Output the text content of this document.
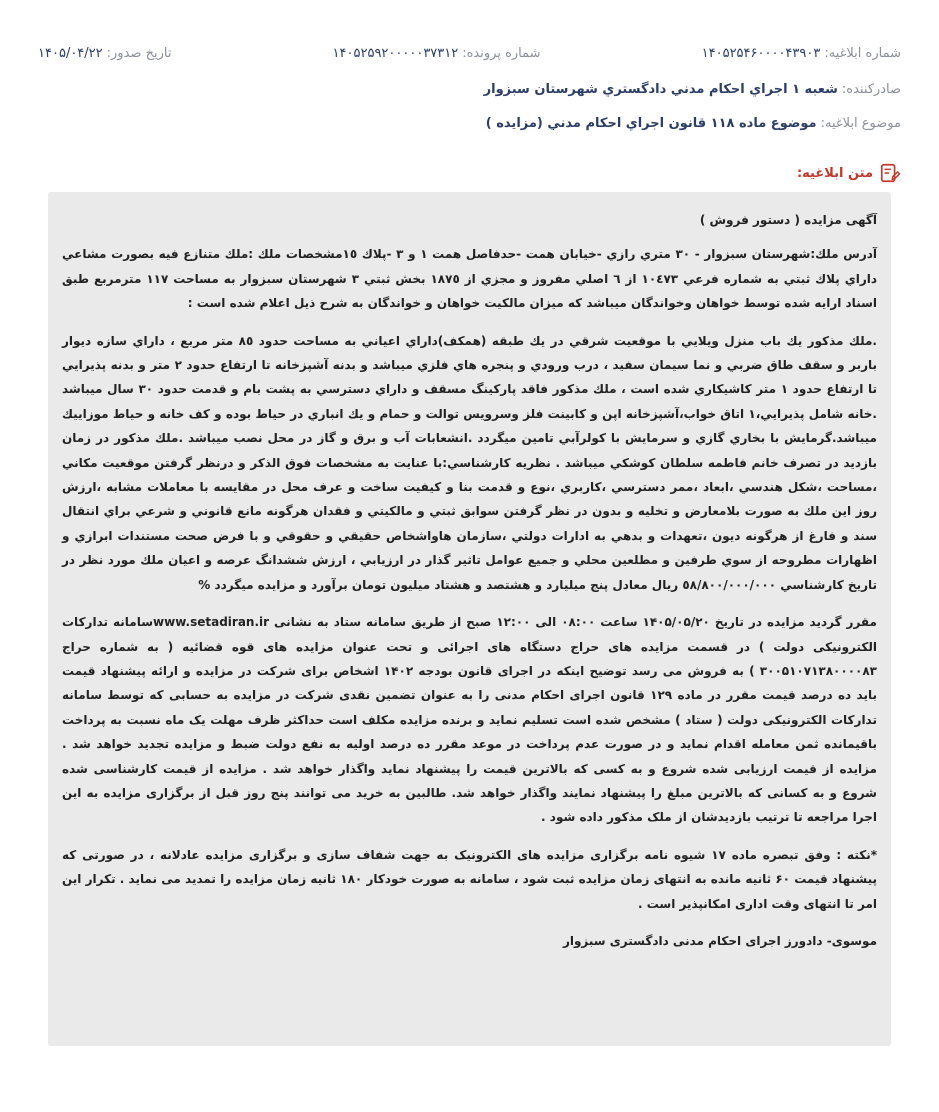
شماره ابلاغيه:
۱۴۰۵۲۵۴۶۰۰۰۰۴۳۹۰۳
شماره پرونده:
۱۴۰۵۲۵۹۲۰۰۰۰۰۳۷۳۱۲
تاريخ صدور:
۱۴۰۵/۰۴/۲۲
صادرکننده:
شعبه ۱ اجراي احکام مدني دادگستري شهرستان سبزوار
موضوع ابلاغيه:
موضوع ماده ۱۱۸ قانون اجراي احکام مدني (مزايده )
متن ابلاغيه:

آگهی مزایده ( دستور فروش )

آدرس ملك:شهرستان سبزوار - ٣٠ متري رازي -خيابان همت -حدفاصل همت ١ و ٣ -پلاك ١٥مشخصات ملك :ملك متنازع فيه بصورت مشاعي داراي پلاك ثبتي به شماره فرعي ١٠٤٧٣ از ٦ اصلي مفروز و مجزي از ١٨٧٥ بخش ثبتي ٣ شهرستان سبزوار به مساحت ١١٧ مترمربع طبق اسناد ارايه شده توسط خواهان وخواندگان ميباشد كه ميزان مالكيت خواهان و خواندگان به شرح ذيل اعلام شده است :

.ملك مذكور يك باب منزل ويلايي با موقعيت شرقي در يك طبقه (همكف)داراي اعياني به مساحت حدود ٨٥ متر مربع ، داراي سازه ديوار باربر و سقف طاق ضربي و نما سيمان سفيد ، درب ورودي و پنجره هاي فلزي ميباشد و بدنه آشپزخانه تا ارتفاع حدود ٢ متر و بدنه پذيرايي تا ارتفاع حدود ١ متر كاشيكاري شده است ، ملك مذكور فاقد پاركينگ مسقف و داراي دسترسي به پشت بام و قدمت حدود ٣٠ سال ميباشد .خانه شامل پذيرايي،١ اتاق خواب،آشپزخانه اپن و كابينت فلز وسرويس توالت و حمام و يك انباري در حياط بوده و كف خانه و حياط موزاييك ميباشد.گرمايش با بخاري گازي و سرمايش با كولرآبي تامين ميگردد .انشعابات آب و برق و گاز در محل نصب ميباشد .ملك مذكور در زمان بازديد در تصرف خانم فاطمه سلطان كوشكي ميباشد . نظريه كارشناسي:با عنايت به مشخصات فوق الذكر و درنظر گرفتن موقعيت مكاني ،مساحت ،شكل هندسي ،ابعاد ،ممر دسترسي ،كاربري ،نوع و قدمت بنا و كيفيت ساخت و عرف محل در مقايسه با معاملات مشابه ،ارزش روز اين ملك به صورت بلامعارض و تخليه و بدون در نظر گرفتن سوابق ثبتي و مالكيتي و فقدان هرگونه مانع قانوني و شرعي براي انتقال سند و فارغ از هرگونه ديون ،تعهدات و بدهي به ادارات دولتي ،سازمان هاواشخاص حقيقي و حقوقي و با فرض صحت مستندات ابرازي و اظهارات مطروحه از سوي طرفين و مطلعين محلي و جميع عوامل تاثير گذار در ارزيابي ، ارزش ششدانگ عرصه و اعيان ملك مورد نظر در تاريخ كارشناسي ٥٨/٨٠٠/٠٠٠/٠٠٠ ريال معادل پنج ميلیارد و هشتصد و هشتاد ميليون تومان برآورد و مزایده میگردد %

مقرر گردید مزایده در تاریخ ۱۴۰۵/۰۵/۲۰ ساعت ۰۸:۰۰ الی ۱۲:۰۰ صبح از طریق سامانه ستاد به نشانی www.setadiran.irسامانه تدارکات الکترونیکی دولت ) در قسمت مزایده های حراج دستگاه های اجرائی و تحت عنوان مزایده های قوه قضائیه ( به شماره حراج ۳۰۰۵۱۰۷۱۳۸۰۰۰۰۸۳ ) به فروش می رسد توضیح اینکه در اجرای قانون بودجه ۱۴۰۲ اشخاص برای شرکت در مزایده و ارائه پیشنهاد قیمت باید ده درصد قیمت مقرر در ماده ۱۲۹ قانون اجرای احکام مدنی را به عنوان تضمین نقدی شرکت در مزایده به حسابی که توسط سامانه تدارکات الکترونیکی دولت ( ستاد ) مشخص شده است تسلیم نماید و برنده مزایده مکلف است حداکثر ظرف مهلت یک ماه نسبت به پرداخت باقیمانده ثمن معامله اقدام نماید و در صورت عدم پرداخت در موعد مقرر ده درصد اولیه به نفع دولت ضبط و مزایده تجدید خواهد شد . مزایده از قیمت ارزیابی شده شروع و به کسی که بالاترین قیمت را پیشنهاد نماید واگذار خواهد شد . مزایده از قیمت کارشناسی شده شروع و به کسانی که بالاترین مبلغ را پیشنهاد نمایند واگذار خواهد شد. طالبین به خرید می توانند پنج روز قبل از برگزاری مزایده به این اجرا مراجعه تا ترتیب بازدیدشان از ملک مذکور داده شود .

*نکته : وفق تبصره ماده ۱۷ شیوه نامه برگزاری مزایده های الکترونیک به جهت شفاف سازی و برگزاری مزایده عادلانه ، در صورتی که پیشنهاد قیمت ۶۰ ثانیه مانده به انتهای زمان مزایده ثبت شود ، سامانه به صورت خودکار ۱۸۰ ثانیه زمان مزایده را تمدید می نماید . تکرار این امر تا انتهای وقت اداری امکانپذیر است .

موسوی- دادورز اجرای احکام مدنی دادگستری سبزوار
